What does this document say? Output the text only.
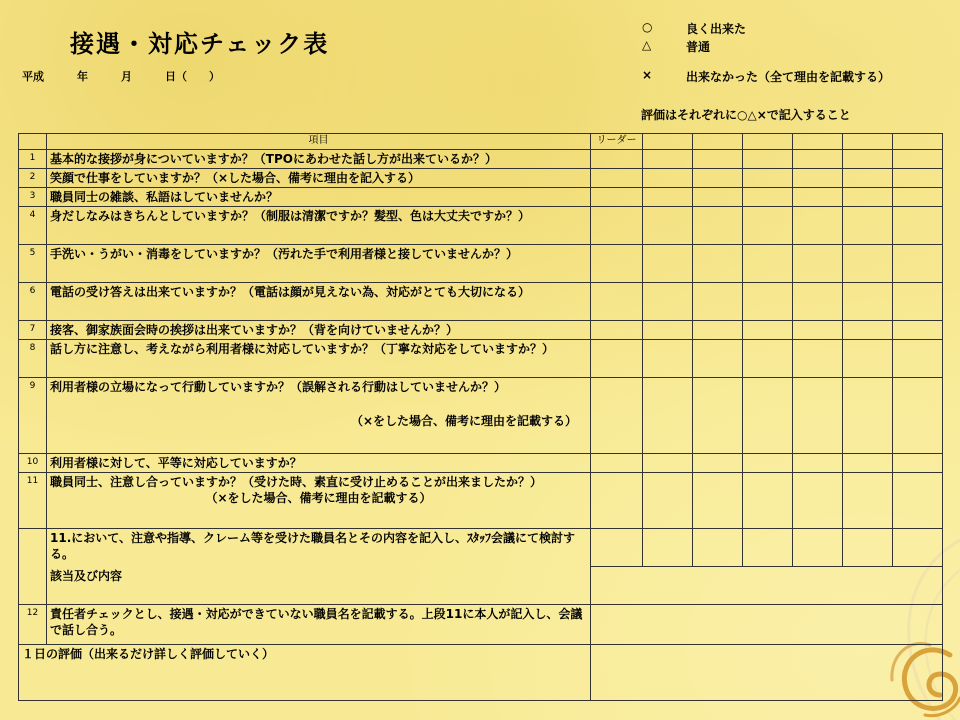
接遇・対応チェック表
平成　　　年　　　月　　　日（　　）
○	良く出来た
△	普通
×	出来なかった（全て理由を記載する）
評価はそれぞれに○△×で記入すること
	項目	リーダー						
1	基本的な接拶が身についていますか？（TPOにあわせた話し方が出来ているか？）							
2	笑顔で仕事をしていますか？（×した場合、備考に理由を記入する）							
3	職員同士の雑談、私語はしていませんか？							
4	身だしなみはきちんとしていますか？（制服は清潔ですか？髪型、色は大丈夫ですか？）							
5	手洗い・うがい・消毒をしていますか？（汚れた手で利用者様と接していませんか？）							
6	電話の受け答えは出来ていますか？（電話は顔が見えない為、対応がとても大切になる）							
7	接客、御家族面会時の挨拶は出来ていますか？（背を向けていませんか？）							
8	話し方に注意し、考えながら利用者様に対応していますか？（丁寧な対応をしていますか？）							
9	利用者様の立場になって行動していますか？（誤解される行動はしていませんか？）
（×をした場合、備考に理由を記載する）							

10	利用者様に対して、平等に対応していますか？							
11	職員同士、注意し合っていますか？（受けた時、素直に受け止めることが出来ましたか？）
（×をした場合、備考に理由を記載する）							

	11.において、注意や指導、クレーム等を受けた職員名とその内容を記入し、ｽﾀｯﾌ会議にて検討する。
該当及び内容							

12	責任者チェックとし、接遇・対応ができていない職員名を記載する。上段11に本人が記入し、会議で話し合う。							
１日の評価（出来るだけ詳しく評価していく）								
